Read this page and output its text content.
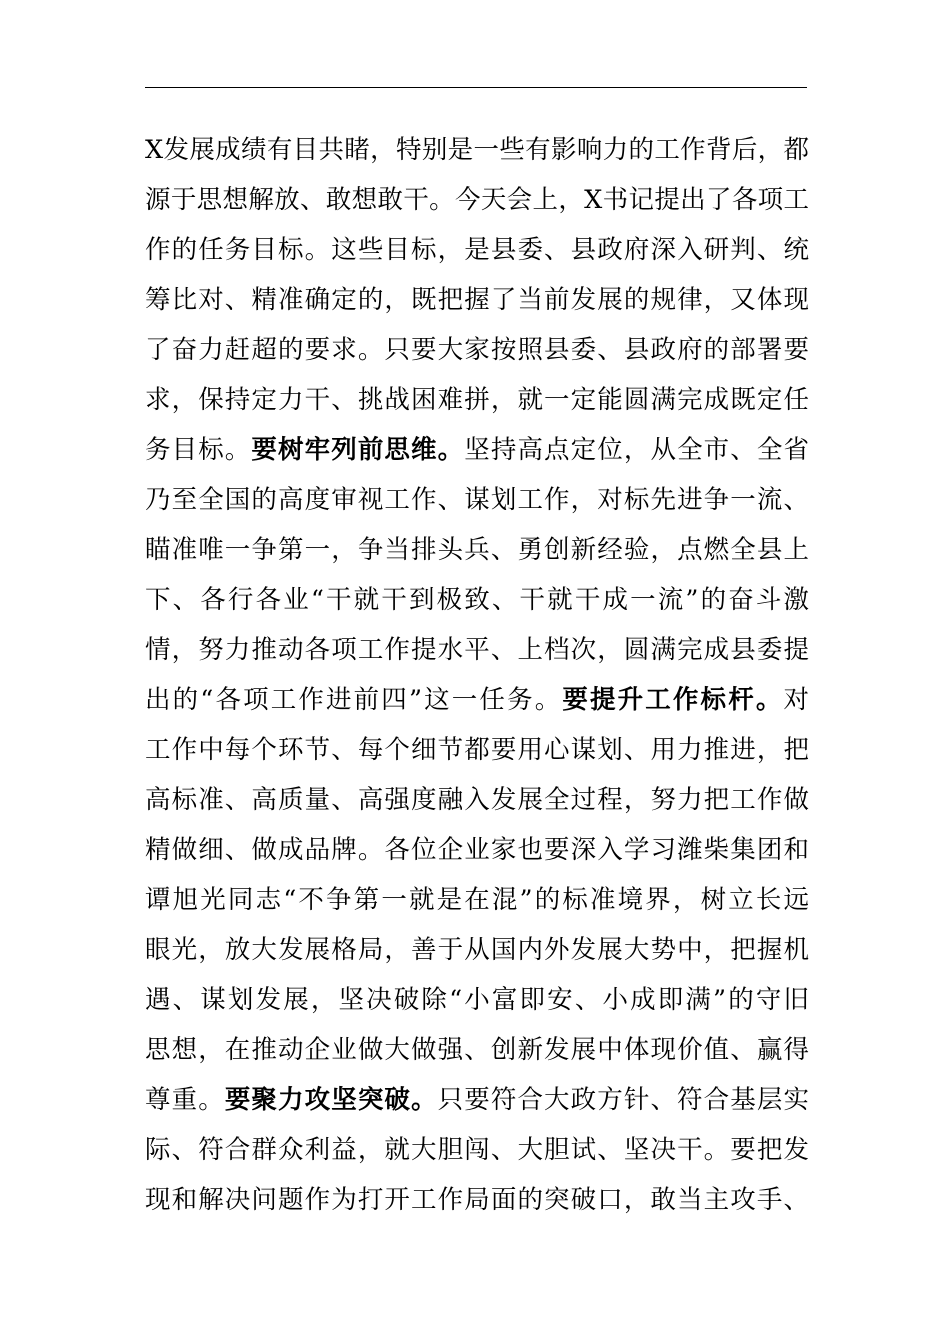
X发展成绩有目共睹，特别是一些有影响力的工作背后，都
源于思想解放、敢想敢干。今天会上，X书记提出了各项工
作的任务目标。这些目标，是县委、县政府深入研判、统
筹比对、精准确定的，既把握了当前发展的规律，又体现
了奋力赶超的要求。只要大家按照县委、县政府的部署要
求，保持定力干、挑战困难拼，就一定能圆满完成既定任
务目标。要树牢列前思维。坚持高点定位，从全市、全省
乃至全国的高度审视工作、谋划工作，对标先进争一流、
瞄准唯一争第一，争当排头兵、勇创新经验，点燃全县上
下、各行各业“干就干到极致、干就干成一流”的奋斗激
情，努力推动各项工作提水平、上档次，圆满完成县委提
出的“各项工作进前四”这一任务。要提升工作标杆。对
工作中每个环节、每个细节都要用心谋划、用力推进，把
高标准、高质量、高强度融入发展全过程，努力把工作做
精做细、做成品牌。各位企业家也要深入学习潍柴集团和
谭旭光同志“不争第一就是在混”的标准境界，树立长远
眼光，放大发展格局，善于从国内外发展大势中，把握机
遇、谋划发展，坚决破除“小富即安、小成即满”的守旧
思想，在推动企业做大做强、创新发展中体现价值、赢得
尊重。要聚力攻坚突破。只要符合大政方针、符合基层实
际、符合群众利益，就大胆闯、大胆试、坚决干。要把发
现和解决问题作为打开工作局面的突破口，敢当主攻手、
